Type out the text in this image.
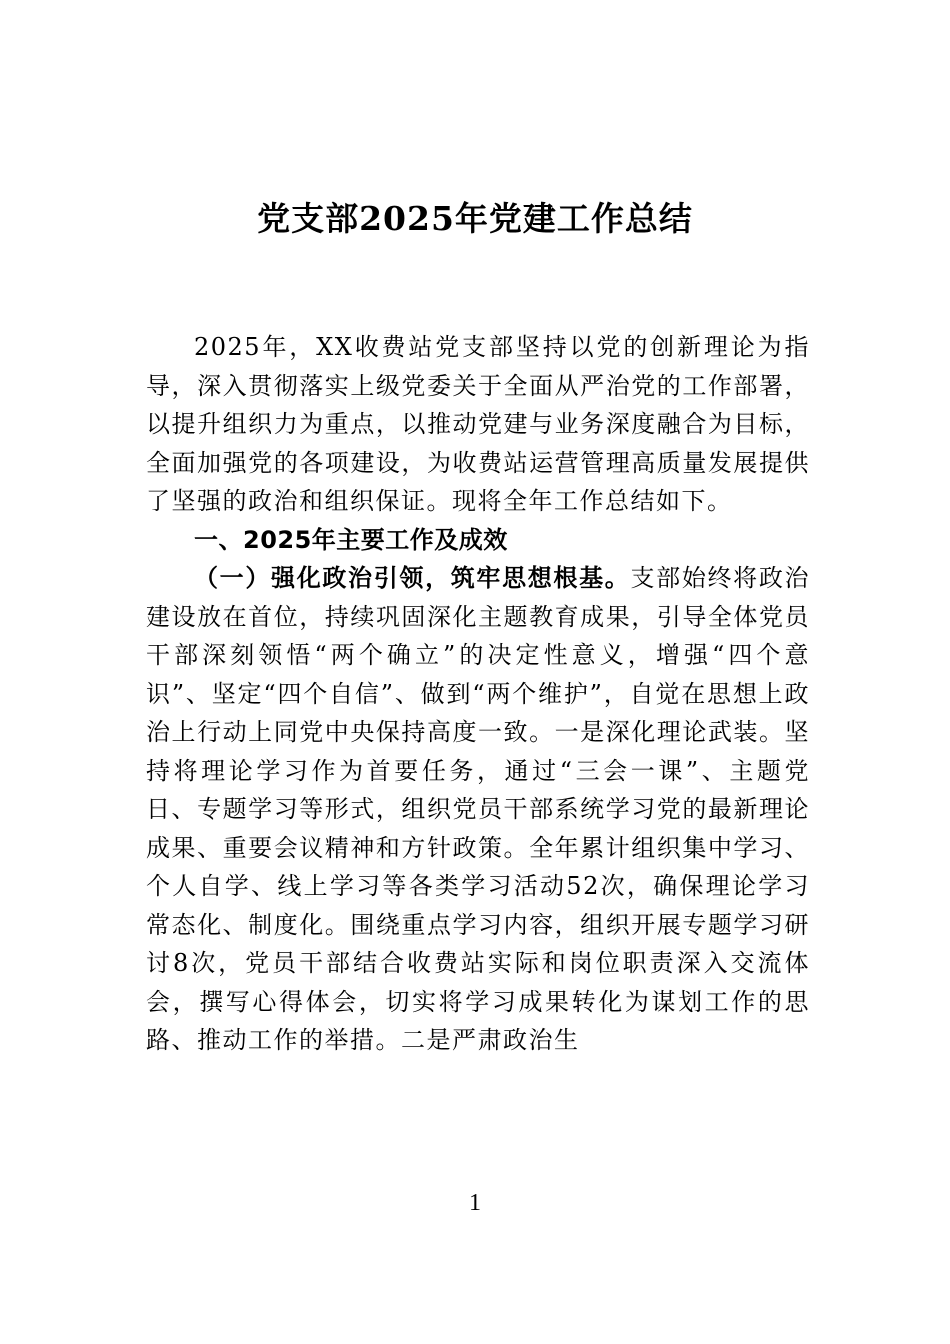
党支部2025年党建工作总结

2025年，XX收费站党支部坚持以党的创新理论为指导，深入贯彻落实上级党委关于全面从严治党的工作部署，以提升组织力为重点，以推动党建与业务深度融合为目标，全面加强党的各项建设，为收费站运营管理高质量发展提供了坚强的政治和组织保证。现将全年工作总结如下。

一、2025年主要工作及成效

（一）强化政治引领，筑牢思想根基。支部始终将政治建设放在首位，持续巩固深化主题教育成果，引导全体党员干部深刻领悟“两个确立”的决定性意义，增强“四个意识”、坚定“四个自信”、做到“两个维护”，自觉在思想上政治上行动上同党中央保持高度一致。一是深化理论武装。坚持将理论学习作为首要任务，通过“三会一课”、主题党日、专题学习等形式，组织党员干部系统学习党的最新理论成果、重要会议精神和方针政策。全年累计组织集中学习、个人自学、线上学习等各类学习活动52次，确保理论学习常态化、制度化。围绕重点学习内容，组织开展专题学习研讨8次，党员干部结合收费站实际和岗位职责深入交流体会，撰写心得体会，切实将学习成果转化为谋划工作的思路、推动工作的举措。二是严肃政治生

1
